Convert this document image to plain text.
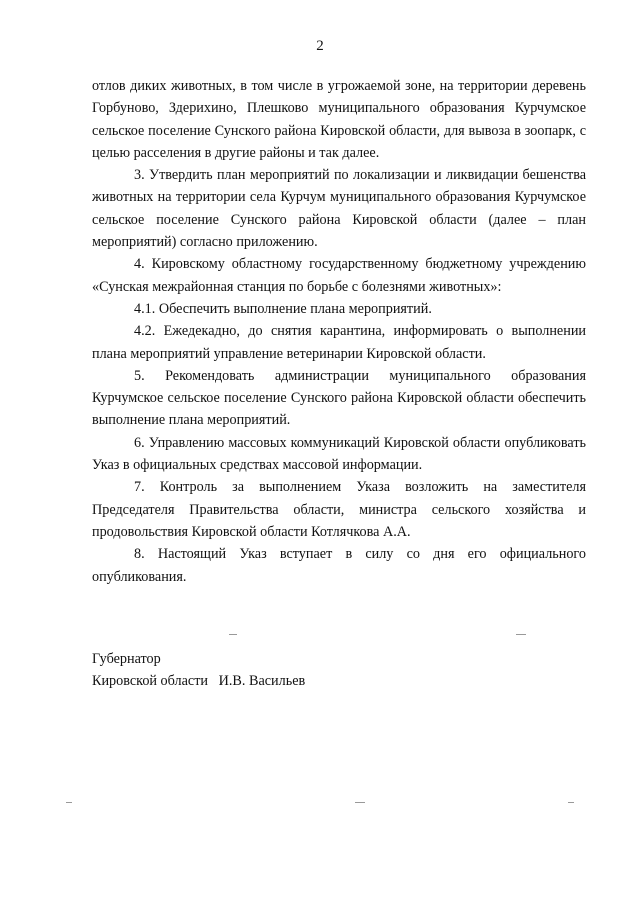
2

отлов диких животных, в том числе в угрожаемой зоне, на территории деревень Горбуново, Здерихино, Плешково муниципального образования Курчумское сельское поселение Сунского района Кировской области, для вывоза в зоопарк, с целью расселения в другие районы и так далее.

3. Утвердить план мероприятий по локализации и ликвидации бешенства животных на территории села Курчум муниципального образования Курчумское сельское поселение Сунского района Кировской области (далее – план мероприятий) согласно приложению.

4. Кировскому областному государственному бюджетному учреждению «Сунская межрайонная станция по борьбе с болезнями животных»:

4.1. Обеспечить выполнение плана мероприятий.

4.2. Ежедекадно, до снятия карантина, информировать о выполнении плана мероприятий управление ветеринарии Кировской области.

5. Рекомендовать администрации муниципального образования Курчумское сельское поселение Сунского района Кировской области обеспечить выполнение плана мероприятий.

6. Управлению массовых коммуникаций Кировской области опубликовать Указ в официальных средствах массовой информации.

7. Контроль за выполнением Указа возложить на заместителя Председателя Правительства области, министра сельского хозяйства и продовольствия Кировской области Котлячкова А.А.

8. Настоящий Указ вступает в силу со дня его официального опубликования.

Губернатор
Кировской области И.В. Васильев
